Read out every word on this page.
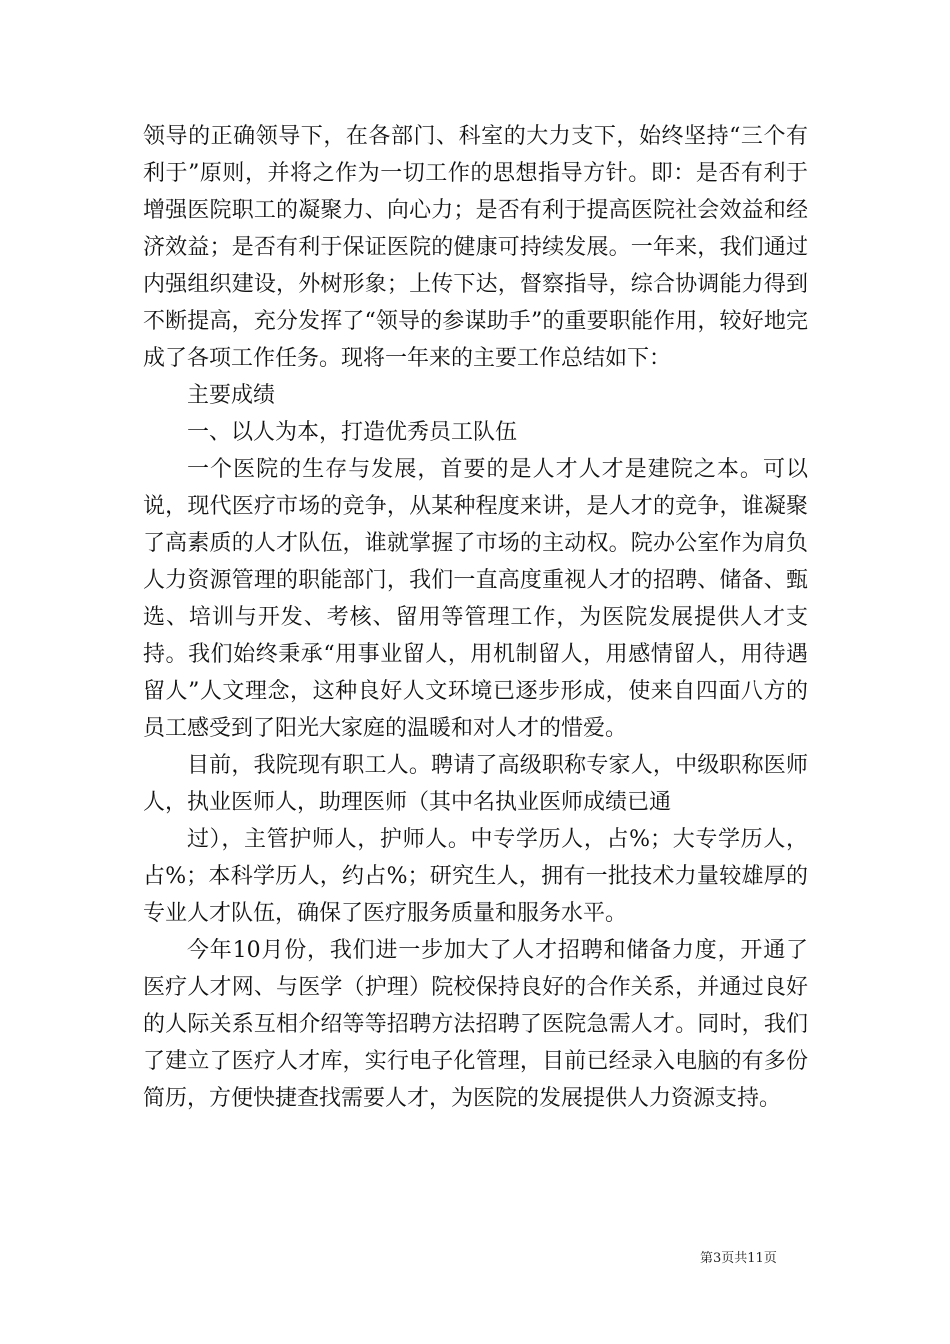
领导的正确领导下，在各部门、科室的大力支下，始终坚持“三个有利于”原则，并将之作为一切工作的思想指导方针。即：是否有利于增强医院职工的凝聚力、向心力；是否有利于提高医院社会效益和经济效益；是否有利于保证医院的健康可持续发展。一年来，我们通过内强组织建设，外树形象；上传下达，督察指导，综合协调能力得到不断提高，充分发挥了“领导的参谋助手”的重要职能作用，较好地完成了各项工作任务。现将一年来的主要工作总结如下：

主要成绩

一、以人为本，打造优秀员工队伍

一个医院的生存与发展，首要的是人才人才是建院之本。可以说，现代医疗市场的竞争，从某种程度来讲，是人才的竞争，谁凝聚了高素质的人才队伍，谁就掌握了市场的主动权。院办公室作为肩负人力资源管理的职能部门，我们一直高度重视人才的招聘、储备、甄选、培训与开发、考核、留用等管理工作，为医院发展提供人才支持。我们始终秉承“用事业留人，用机制留人，用感情留人，用待遇留人”人文理念，这种良好人文环境已逐步形成，使来自四面八方的员工感受到了阳光大家庭的温暖和对人才的惜爱。

目前，我院现有职工人。聘请了高级职称专家人，中级职称医师人，执业医师人，助理医师（其中名执业医师成绩已通

过），主管护师人，护师人。中专学历人，占%；大专学历人，占%；本科学历人，约占%；研究生人，拥有一批技术力量较雄厚的专业人才队伍，确保了医疗服务质量和服务水平。

今年10月份，我们进一步加大了人才招聘和储备力度，开通了医疗人才网、与医学（护理）院校保持良好的合作关系，并通过良好的人际关系互相介绍等等招聘方法招聘了医院急需人才。同时，我们了建立了医疗人才库，实行电子化管理，目前已经录入电脑的有多份简历，方便快捷查找需要人才，为医院的发展提供人力资源支持。

第3页共11页
